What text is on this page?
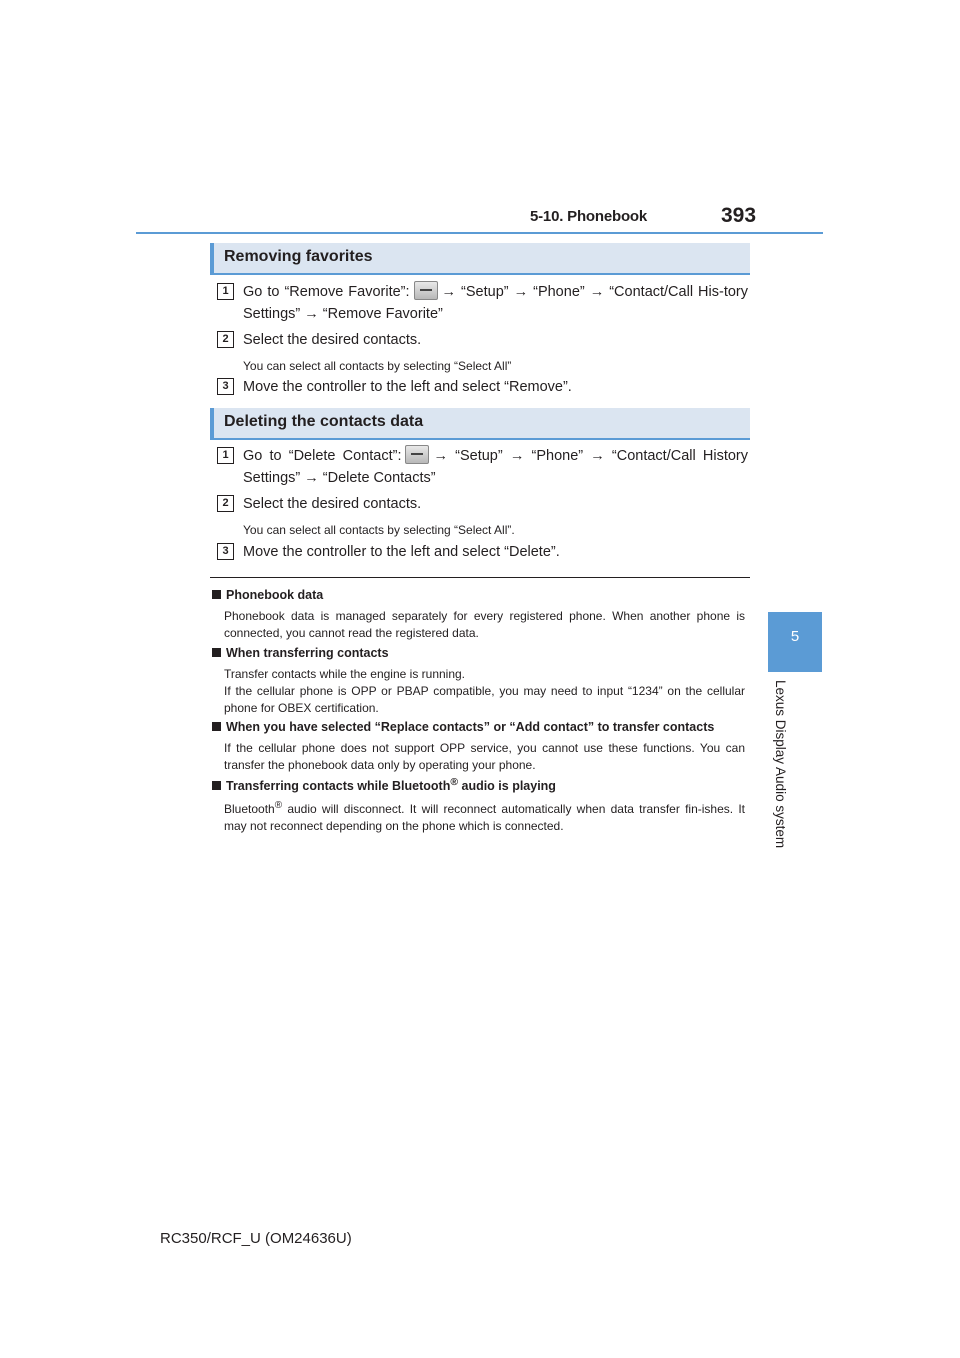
5-10. Phonebook	393
5
Lexus Display Audio system
Removing favorites
1 Go to “Remove Favorite”: → “Setup” → “Phone” → “Contact/Call His-tory Settings” → “Remove Favorite”
2 Select the desired contacts.
You can select all contacts by selecting “Select All”
3 Move the controller to the left and select “Remove”.
Deleting the contacts data
1 Go to “Delete Contact”: → “Setup” → “Phone” → “Contact/Call History Settings” → “Delete Contacts”
2 Select the desired contacts.
You can select all contacts by selecting “Select All”.
3 Move the controller to the left and select “Delete”.
Phonebook data
Phonebook data is managed separately for every registered phone. When another phone is connected, you cannot read the registered data.
When transferring contacts
Transfer contacts while the engine is running.
If the cellular phone is OPP or PBAP compatible, you may need to input “1234” on the cellular phone for OBEX certification.
When you have selected “Replace contacts” or “Add contact” to transfer contacts
If the cellular phone does not support OPP service, you cannot use these functions. You can transfer the phonebook data only by operating your phone.
Transferring contacts while Bluetooth® audio is playing
Bluetooth® audio will disconnect. It will reconnect automatically when data transfer fin-ishes. It may not reconnect depending on the phone which is connected.
RC350/RCF_U (OM24636U)
